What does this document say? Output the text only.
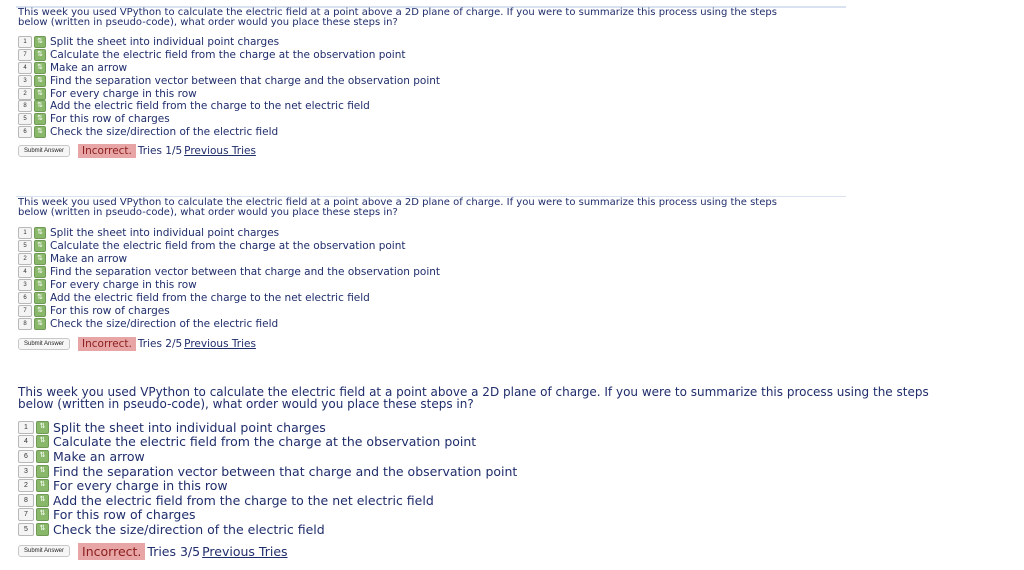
This week you used VPython to calculate the electric field at a point above a 2D plane of charge. If you were to summarize this process using the steps
below (written in pseudo-code), what order would you place these steps in?

1 ⇅	Split the sheet into individual point charges
7 ⇅	Calculate the electric field from the charge at the observation point
4 ⇅	Make an arrow
3 ⇅	Find the separation vector between that charge and the observation point
2 ⇅	For every charge in this row
8 ⇅	Add the electric field from the charge to the net electric field
5 ⇅	For this row of charges
6 ⇅	Check the size/direction of the electric field
Submit Answer	Incorrect. Tries 1/5 Previous Tries

This week you used VPython to calculate the electric field at a point above a 2D plane of charge. If you were to summarize this process using the steps
below (written in pseudo-code), what order would you place these steps in?

1 ⇅	Split the sheet into individual point charges
5 ⇅	Calculate the electric field from the charge at the observation point
2 ⇅	Make an arrow
4 ⇅	Find the separation vector between that charge and the observation point
3 ⇅	For every charge in this row
6 ⇅	Add the electric field from the charge to the net electric field
7 ⇅	For this row of charges
8 ⇅	Check the size/direction of the electric field
Submit Answer	Incorrect. Tries 2/5 Previous Tries

This week you used VPython to calculate the electric field at a point above a 2D plane of charge. If you were to summarize this process using the steps
below (written in pseudo-code), what order would you place these steps in?

1 ⇅	Split the sheet into individual point charges
4 ⇅	Calculate the electric field from the charge at the observation point
6 ⇅	Make an arrow
3 ⇅	Find the separation vector between that charge and the observation point
2 ⇅	For every charge in this row
8 ⇅	Add the electric field from the charge to the net electric field
7 ⇅	For this row of charges
5 ⇅	Check the size/direction of the electric field
Submit Answer	Incorrect. Tries 3/5 Previous Tries
